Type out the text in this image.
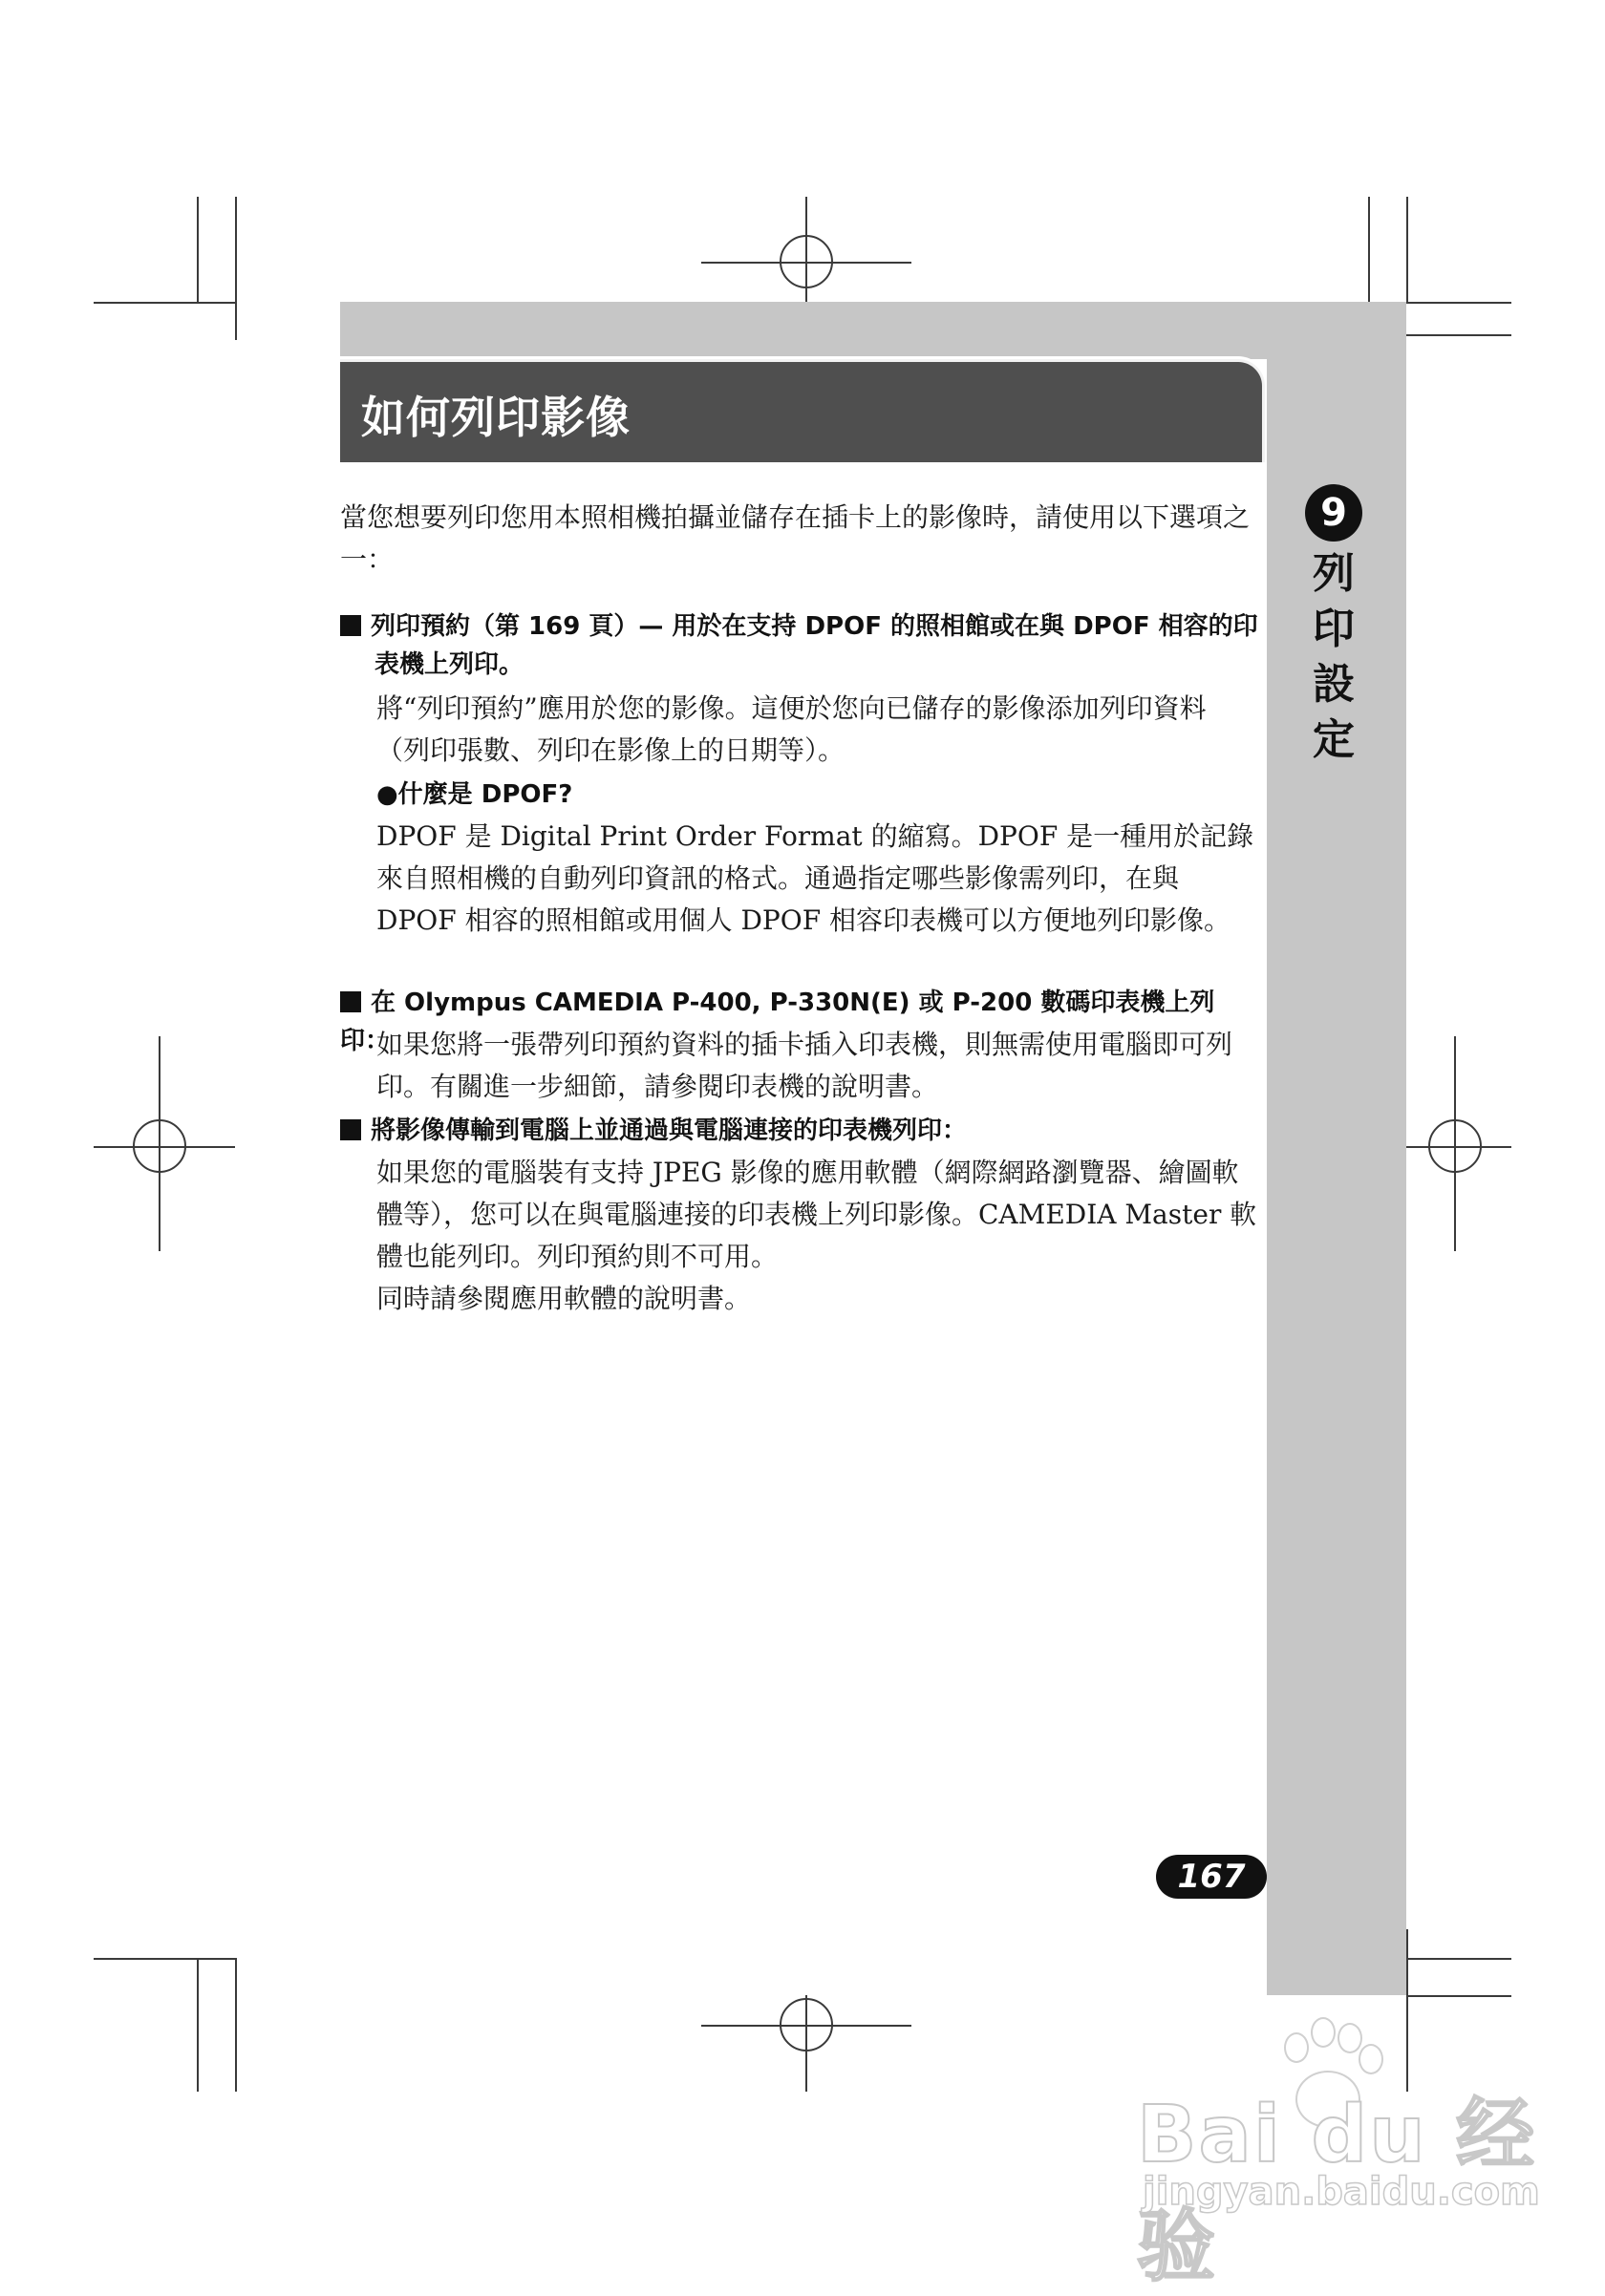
如何列印影像
9
列印設定
當您想要列印您用本照相機拍攝並儲存在插卡上的影像時，請使用以下選項之一：
列印預約（第 169 頁）— 用於在支持 DPOF 的照相館或在與 DPOF 相容的印表機上列印。
將“列印預約”應用於您的影像。這便於您向已儲存的影像添加列印資料（列印張數、列印在影像上的日期等）。
●什麼是 DPOF?
DPOF 是 Digital Print Order Format 的縮寫。DPOF 是一種用於記錄來自照相機的自動列印資訊的格式。通過指定哪些影像需列印，在與 DPOF 相容的照相館或用個人 DPOF 相容印表機可以方便地列印影像。
在 Olympus CAMEDIA P-400, P-330N(E) 或 P-200 數碼印表機上列印：
如果您將一張帶列印預約資料的插卡插入印表機，則無需使用電腦即可列印。有關進一步細節，請參閱印表機的說明書。
將影像傳輸到電腦上並通過與電腦連接的印表機列印：
如果您的電腦裝有支持 JPEG 影像的應用軟體（網際網路瀏覽器、繪圖軟體等），您可以在與電腦連接的印表機上列印影像。CAMEDIA Master 軟體也能列印。列印預約則不可用。
同時請參閱應用軟體的說明書。
167
Bai du 经验
jingyan.baidu.com
